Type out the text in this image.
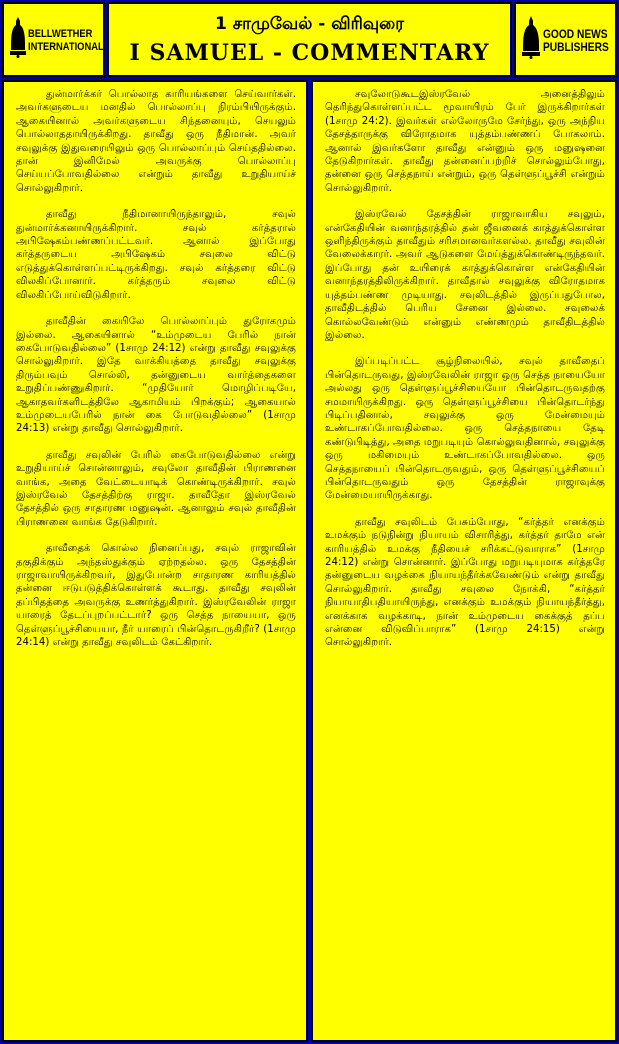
BELLWETHER INTERNATIONAL
1 சாமுவேல் - விரிவுரை
I SAMUEL - COMMENTARY
GOOD NEWS PUBLISHERS

துன்மார்க்கர் பொல்லாத காரியங்களை செய்வார்கள். அவர்களுடைய மனதில் பொல்லாப்பு நிரம்பியிருக்கும். ஆகையினால் அவர்களுடைய சிந்தனையும், செயலும் பொல்லாததாயிருக்கிறது. தாவீது ஒரு நீதிமான். அவர் சவுலுக்கு இதுவரையிலும் ஒரு பொல்லாப்பும் செய்ததில்லை. தான் இனிமேல் அவருக்கு பொல்லாப்பு செய்யப்போவதில்லை என்றும் தாவீது உறுதியாய்ச் சொல்லுகிறார்.

தாவீது நீதிமானாயிருந்தாலும், சவுல் துன்மார்க்கனாயிருக்கிறார். சவுல் கர்த்தரால் அபிஷேகம்பண்ணப்பட்டவர். ஆனால் இப்போது கர்த்தருடைய அபிஷேகம் சவுலை விட்டு எடுத்துக்கொள்ளப்பட்டிருக்கிறது. சவுல் கர்த்தரை விட்டு விலகிப்போனார். கர்த்தரும் சவுலை விட்டு விலகிப்போய்விடுகிறார்.

தாவீதின் கையிலே பொல்லாப்பும் துரோகமும் இல்லை. ஆகையினால் “உம்முடைய பேரில் நான் கைபோடுவதில்லை” (1சாமு 24:12) என்று தாவீது சவுலுக்கு சொல்லுகிறார். இதே வாக்கியத்தை தாவீது சவுலுக்கு திரும்பவும் சொல்லி, தன்னுடைய வார்த்தைகளை உறுதிப்பண்ணுகிறார். “முதியோர் மொழிப்படியே, ஆகாதவர்களிடத்திலே ஆகாமியம் பிறக்கும்; ஆகையால் உம்முடையபேரில் நான் கை போடுவதில்லை” (1சாமு 24:13) என்று தாவீது சொல்லுகிறார்.

தாவீது சவுலின் பேரில் கைபோடுவதில்லை என்று உறுதியாய்ச் சொன்னாலும், சவுலோ தாவீதின் பிராணனை வாங்க, அதை வேட்டையாடிக் கொண்டிருக்கிறார். சவுல் இஸ்ரவேல் தேசத்திற்கு ராஜா. தாவீதோ இஸ்ரவேல் தேசத்தில் ஒரு சாதாரண மனுஷன். ஆனாலும் சவுல் தாவீதின் பிராணனை வாங்க தேடுகிறார்.

தாவீதைக் கொல்ல நினைப்பது, சவுல் ராஜாவின் தகுதிக்கும் அந்தஸ்துக்கும் ஏற்றதல்ல. ஒரு தேசத்தின் ராஜாவாயிருக்கிறவர், இதுபோன்ற சாதாரண காரியத்தில் தன்னை ஈடுபடுத்திக்கொள்ளக் கூடாது. தாவீது சவுலின் தப்பிதத்தை அவருக்கு உணர்த்துகிறார். இஸ்ரவேலின் ராஜா யாரைத் தேடப்புறப்பட்டார்? ஒரு செத்த நாயையா, ஒரு தெள்ளுப்பூச்சியையா, நீர் யாரைப் பின்தொடருகிறீர்? (1சாமு 24:14) என்று தாவீது சவுலிடம் கேட்கிறார்.

சவுலோடுகூடஇஸ்ரவேல் அனைத்திலும் தெரிந்துகொள்ளப்பட்ட மூவாயிரம் பேர் இருக்கிறார்கள் (1சாமு 24:2). இவர்கள் எல்லோருமே சேர்ந்து, ஒரு அந்நிய தேசத்தாருக்கு விரோதமாக யுத்தம்பண்ணப் போகலாம். ஆனால் இவர்களோ தாவீது என்னும் ஒரு மனுஷனை தேடுகிறார்கள். தாவீது தன்னைப்பற்றிச் சொல்லும்போது, தன்னை ஒரு செத்தநாய் என்றும், ஒரு தெள்ளுப்பூச்சி என்றும் சொல்லுகிறார்.

இஸ்ரவேல் தேசத்தின் ராஜாவாகிய சவுலும், என்கேதியின் வனாந்தரத்தில் தன் ஜீவனைக் காத்துக்கொள்ள ஒளிந்திருக்கும் தாவீதும் சரிசமானவர்களல்ல. தாவீது சவுலின் வேலைக்காரர். அவர் ஆடுகளை மேய்த்துக்கொண்டிருந்தவர். இப்போது தன் உயிரைக் காத்துக்கொள்ள என்கேதியின் வனாந்தரத்திலிருக்கிறார். தாவீதால் சவுலுக்கு விரோதமாக யுத்தம்பண்ண முடியாது. சவுலிடத்தில் இருப்பதுபோல, தாவீதிடத்தில் பெரிய சேனை இல்லை. சவுலைக் கொல்லவேண்டும் என்னும் எண்ணமும் தாவீதிடத்தில் இல்லை.

இப்படிப்பட்ட சூழ்நிலையில், சவுல் தாவீதைப் பின்தொடருவது, இஸ்ரவேலின் ராஜா ஒரு செத்த நாயையோ அல்லது ஒரு தெள்ளுப்பூச்சியையோ பின்தொடருவதற்கு சமமாயிருக்கிறது. ஒரு தெள்ளுப்பூச்சியை பின்தொடர்ந்து பிடிப்பதினால், சவுலுக்கு ஒரு மேன்மையும் உண்டாகப்போவதில்லை. ஒரு செத்தநாயை தேடி கண்டுபிடித்து, அதை மறுபடியும் கொல்லுவதினால், சவுலுக்கு ஒரு மகிமையும் உண்டாகப்போவதில்லை. ஒரு செத்தநாயைப் பின்தொடருவதும், ஒரு தெள்ளுப்பூச்சியைப் பின்தொடருவதும் ஒரு தேசத்தின் ராஜாவுக்கு மேன்மையாயிருக்காது.

தாவீது சவுலிடம் பேசும்போது, “கர்த்தர் எனக்கும் உமக்கும் நடுநின்று நியாயம் விசாரித்து, கர்த்தர் தாமே என் காரியத்தில் உமக்கு நீதியைச் சரிக்கட்டுவாராக” (1சாமு 24:12) என்று சொன்னார். இப்போது மறுபடியுமாக கர்த்தரே தன்னுடைய வழக்கை நியாயந்தீர்க்கவேண்டும் என்று தாவீது சொல்லுகிறார். தாவீது சவுலை நோக்கி, “கர்த்தர் நியாயாதிபதியாயிருந்து, எனக்கும் உமக்கும் நியாயந்தீர்த்து, எனக்காக வழக்காடி, நான் உம்முடைய கைக்குத் தப்ப என்னை விடுவிப்பாராக” (1சாமு 24:15) என்று சொல்லுகிறார்.
